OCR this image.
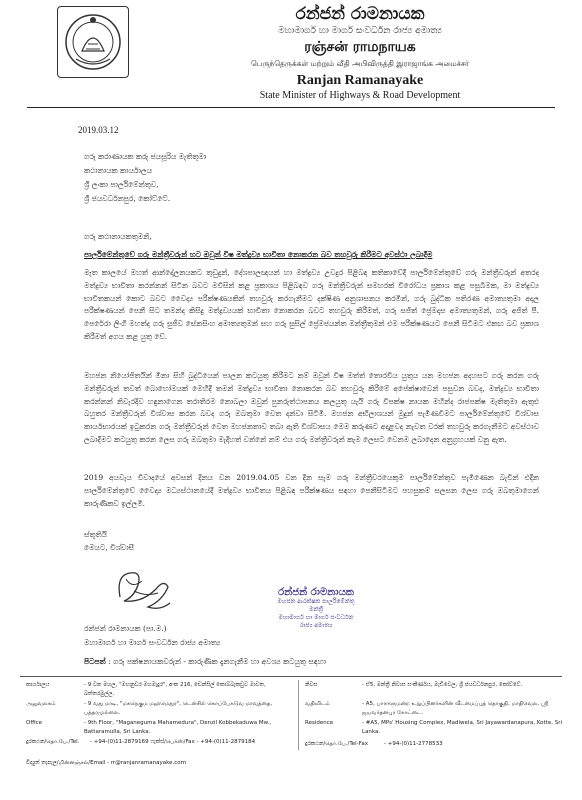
රන්ජන් රාමනායක
මහාමාර්ග හා මාර්ග සංවර්ධන රාජ්‍ය අමාත්‍ය
ரஞ்சன் ராமநாயக
பெருந்தெருக்கள் மற்றும் வீதி அபிவிருத்தி இராஜாங்க அமைச்சர்
Ranjan Ramanayake
State Minister of Highways & Road Development
2019.03.12
ගරු කරාණායක කරු ජයසූරිය මැතිතුමා
කථානායක කාර්යාලය
ශ්‍රී ලංකා පාර්ලිමේන්තුව,
ශ්‍රී ජයවර්ධනපුර, කෝට්ටේ.
ගරු කථානායකතුමනි,
පාර්ලිමේන්තුවේ ගරු මන්ත්‍රීවරුන් හට ඔවුන් විෂ මත්ද්‍රව්‍ය භාවිතා නොකරන බව තහවුරු කිරීමට අවස්ථා ලබාදීම
මෑත කාලයේ මහත් ආන්දෝලනයකට තුඩුදුන්, දේශපාලඥයන් හා මත්ද්‍රව්‍ය උවදුර පිළිබඳ කතිකාවේදී පාර්ලිමේන්තුවේ ගරු මන්ත්‍රීවරුන් අතරද මත්ද්‍රව්‍ය භාවිතා කරන්නන් සිටින බවට මවිසින් කළ ප්‍රකාශය පිළිබඳව ගරු මන්ත්‍රීවරුන් සමහරක් විරෝධය ප්‍රකාශ කළ පසුබිමක, මා මත්ද්‍රව්‍ය භාවිතකයන් කොට බවට වෛද්‍ය පරීක්ෂණයකින් තහවුරු කරගැනීමට දක්ෂිණ අනුශාසනය කරමින්, ගරු බුද්ධික පතිරණ අමාත්‍යතුමා අදාල පරීක්ෂණයන් පෙනී සිට තමන්ද කිසිදු මත්ද්‍රව්‍යයක් භාවිතා නොකරන බවට තහවුරු කිරීමත්, ගරු සජිත් ප්‍රේමදාස අමාත්‍යතුමන්, ගරු අජිත් පී. පෙරේරා ලිංගි මහත්ද ගරු සුජීව සේනසිංහ අමාත්‍යතුමන් සහ ගරු සුසිල් ප්‍රේමජයන්ත මන්ත්‍රීතුමන් එම පරීක්ෂණයට පෙනී සිටීමට එකඟ බව ප්‍රකාශ කිරීමත් අගය කළ යුතු වේ.
මහජන නියෝජිතයින් මිනා සිහි බුද්ධියෙන් පාලන කටයුතු කිරීමට නම් ඔවුන් විෂ මත්ත් තොරවිය යුතුය යන මහජන අදහසට ගරු කරන ගරු මන්ත්‍රීවරුන් තවත් බොහෝමයක් මෙහිදී තමන් මත්ද්‍රව්‍ය භාවිතා නොකරන බව තහවුරු කිරීමේ අපේක්ෂාවෙන් පසුවන බවද, මත්ද්‍රව්‍ය භාවිතා කරන්නන් නිවැරදිව හඳුනාගෙන තරාතිරම නොබලා ඔවුන් පුනරුත්ථාපනය කලයුතු යැයි ගරු විපක්ෂ නායක මහින්ද රාජපක්ෂ මැතිතුමා ඇතුළු බහුතර මන්ත්‍රීවරුන් විශ්වාස කරන බවද ගරු ඔබතුමා වෙත දන්වා සිටිමි. මහජන අභිලාශයන් මුදුන් පැමිණවීමට පාර්ලිමේන්තුවේ විශ්වාස කාර්යභාරයක් ඉටුකරන ගරු මන්ත්‍රීවරුන් වෙත මහජනතාව තබා ඇති විශ්වාසය මෙම කරුණට අදාළවද නැවත වරක් තහවුරු කරගැනීමට අවස්ථාව ලබාදීමට කටයුතු කරන ලෙස ගරු ඔබතුමා මැදිහත් වන්නේ නම් එය ගරු මන්ත්‍රීවරුන් කැම ලෙසට වෙනම ලබාදෙන අනුග්‍රහයක් වනු ඇත.
2019 අයවැය විවාදයේ අවසන් දිනය වන 2019.04.05 වන දින සැම ගරු මන්ත්‍රීවරයෙකුම පාර්ලිමේන්තුව පැමිණෙන බැවින් එදින පාර්ලිමේන්තුවේ වෛද්‍ය මධ්‍යස්ථානයේදී මත්ද්‍රව්‍ය භාවිතය පිළිබඳ පරීක්ෂණය සඳහා පෙනීසිටීමට පහසුකම් සලසන ලෙස ගරු ඔබතුමාගෙන් කාරුණිකව ඉල්ලමි.
ස්තූතියි
මෙයට, විශ්වාසී
රන්ජන් රාමනායක (පා.ම.)
මහාමාර්ග හා මාර්ග සංවර්ධන රාජ්‍ය අමාත්‍ය
රන්ජන් රාමනායක
මහජන ආරක්ෂක පාර්ලිමේන්තු මන්ත්‍රී
මහාමාර්ග හා මාර්ග සංවර්ධන
රාජ්‍ය අමාත්‍ය
පිටපත් : ගරු පක්ෂනායකවරුන් - කාරුණික දැනගැනීම හා අවශ්‍ය කටයුතු සඳහා
කාර්යාලය	- 9 වන මහල, "මහනුවර මහමැදුර", අංක 216, ඩෙන්සිල් කොබ්බෑකඩුව මාවත, බත්තරමුල්ල.
அலுவலகம்	- 9 வது மாடி, "மகநெகும மஹமெதுர", டென்சில் கொப்பேகடுவ மாவத்தை, பத்தரமுல்லை.
Office	- 9th Floor, "Maganeguma Mahamedura", Denzil Kobbekaduwa Mw., Battaramulla, Sri Lanka.
දුරකථන/தொ.பே./Tel.	- +94-(0)11-2879169 ෆැක්ස්/பெக்ஸ்/Fax - +94-(0)11-2879184
විද්‍යුත් තැපැල/மின்னஞ்சல்/Email - rr@ranjanramanayake.com
නිවස	- ඒ5, මන්ත්‍රී නිවාස සංකීර්ණය, මැඩිවෙල, ශ්‍රී ජයවර්ධනපුර, කෝට්ටේ.
வதிவிடம்	- A5, பாராளுமன்ற உறுப்பினர்களின் வீடமைப்புத் தொகுதி, மாதிவெல, ஸ்ரீ ஜயவர்தனபுர கோட்டை.
Residence	- #A5, MPs' Housing Complex, Madiwela, Sri Jayawardanapura, Kotte, Sri Lanka.
දුරකථන/தொ.பே./Tel-Fax	- +94-(0)11-2778533
